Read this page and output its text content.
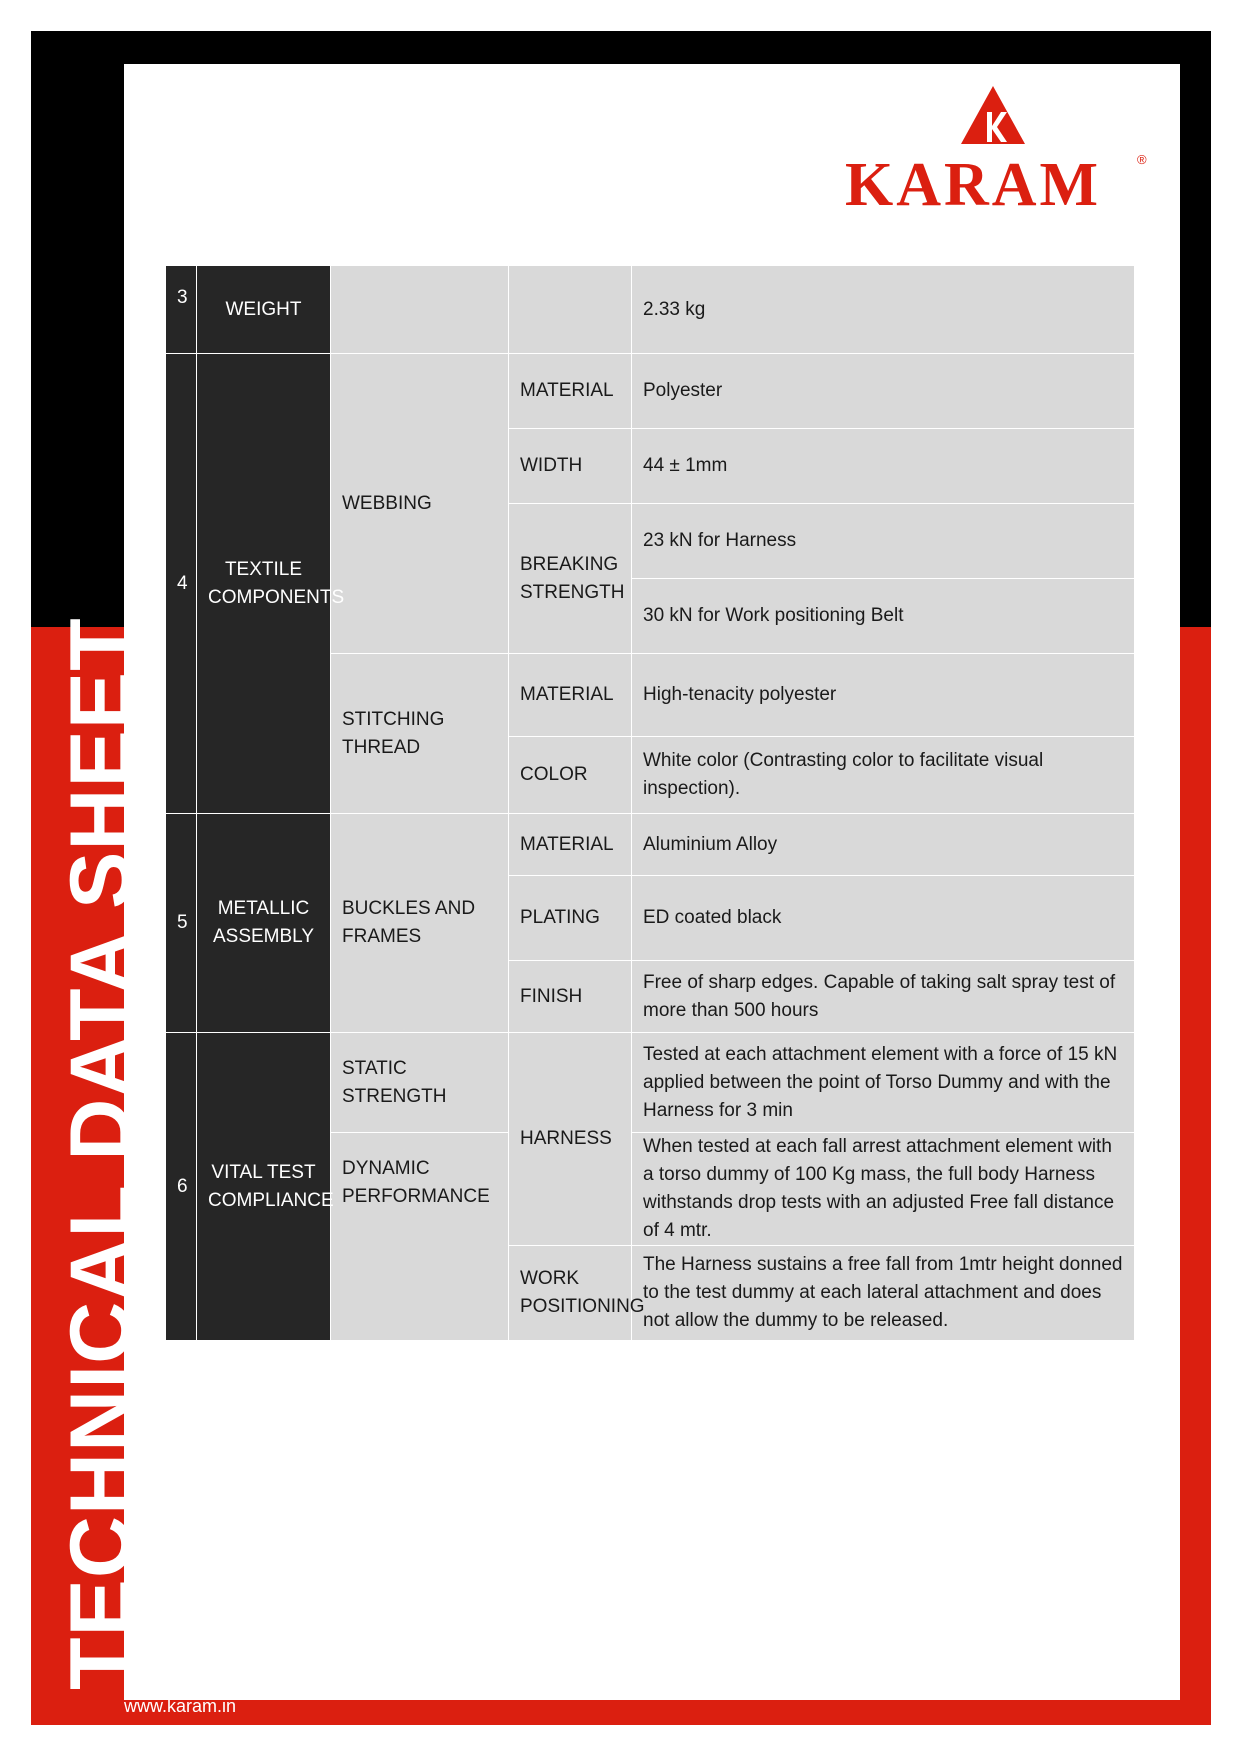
TECHNICAL DATA SHEET
www.karam.in
KARAM	®
3	WEIGHT			2.33 kg
4	TEXTILE COMPONENTS	WEBBING	MATERIAL	Polyester
			WIDTH	44 ± 1mm
			BREAKING STRENGTH	23 kN for Harness
				30 kN for Work positioning Belt
		STITCHING THREAD	MATERIAL	High-tenacity polyester
			COLOR	White color (Contrasting color to facilitate visual inspection).
5	METALLIC ASSEMBLY	BUCKLES AND FRAMES	MATERIAL	Aluminium Alloy
			PLATING	ED coated black
			FINISH	Free of sharp edges. Capable of taking salt spray test of more than 500 hours
6	VITAL TEST COMPLIANCE	STATIC STRENGTH	HARNESS	Tested at each attachment element with a force of 15 kN applied between the point of Torso Dummy and with the Harness for 3 min
		DYNAMIC PERFORMANCE		When tested at each fall arrest attachment element with a torso dummy of 100 Kg mass, the full body Harness withstands drop tests with an adjusted Free fall distance of 4 mtr.
			WORK POSITIONING	The Harness sustains a free fall from 1mtr height donned to the test dummy at each lateral attachment and does not allow the dummy to be released.
